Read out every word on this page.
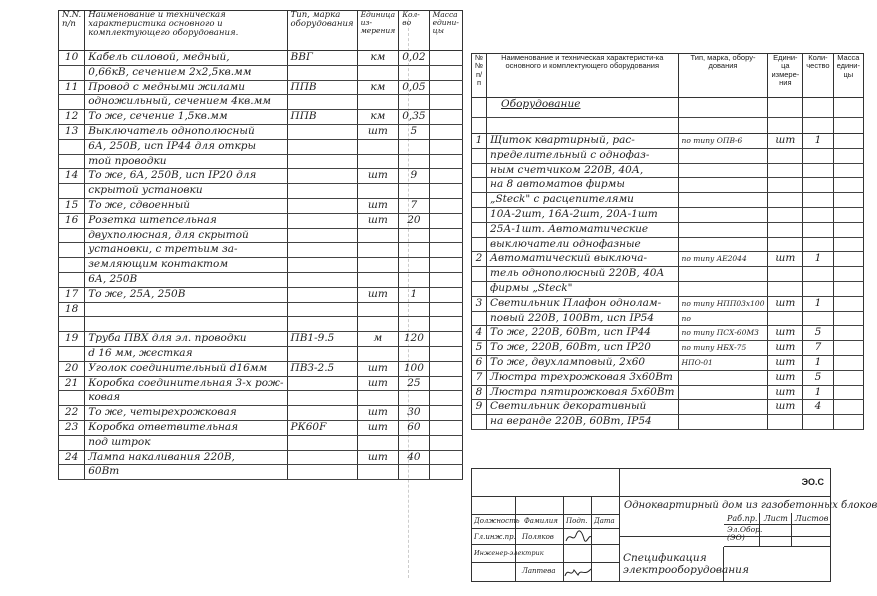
N.N. п/п	Наименование и техническая характеристика основного и комплектующего оборудования.	Тип, марка оборудования	Единица из-мерения	Кол-во	Масса едини-цы
10	Кабель силовой, медный,	ВВГ	км	0,02	
	0,66кВ, сечением 2х2,5кв.мм				
11	Провод с медными жилами	ППВ	км	0,05	
	одножильный, сечением 4кв.мм				
12	То же, сечение 1,5кв.мм	ППВ	км	0,35	
13	Выключатель однополюсный		шт	5	
	6А, 250В, исп IP44 для откры				
	той проводки				
14	То же, 6А, 250В, исп IP20 для		шт	9	
	скрытой установки				
15	То же, сдвоенный		шт	7	
16	Розетка штепсельная		шт	20	
	двухполюсная, для скрытой				
	установки, с третьим за-				
	земляющим контактом				
	6А, 250В				
17	То же, 25А, 250В		шт	1	
18					

19	Труба ПВХ для эл. проводки	ПВ1-9.5	м	120	
	d 16 мм, жесткая				
20	Уголок соединительный d16мм	ПВЗ-2.5	шт	100	
21	Коробка соединительная 3-х рож-		шт	25	
	ковая				
22	То же, четырехрожковая		шт	30	
23	Коробка ответвительная	РК60F	шт	60	
	под штрок				
24	Лампа накаливания 220В,		шт	40	
	60Вт				
№№ п/п	Наименование и техническая характеристи-ка основного и комплектующего оборудования	Тип, марка, обору-дования	Едини-ца измере-ния	Коли-чество	Масса едини-цы
	Оборудование				

1	Щиток квартирный, рас-	по типу ОПВ-6	шт	1	
	пределительный с однофаз-				
	ным счетчиком 220В, 40А,				
	на 8 автоматов фирмы				
	„Steck" с расцепителями				
	10А-2шт, 16А-2шт, 20А-1шт				
	25А-1шт. Автоматические				
	выключатели однофазные				
2	Автоматический выключа-	по типу AE2044	шт	1	
	тель однополюсный 220В, 40А				
	фирмы „Steck"				
3	Светильник Плафон однолам-	по типу НПП03x100	шт	1	
	повый 220В, 100Вт, исп IP54	по			
4	То же, 220В, 60Вт, исп IP44	по типу ПСХ-60МЗ	шт	5	
5	То же, 220В, 60Вт, исп IP20	по типу НБХ-75	шт	7	
6	То же, двухламповый, 2x60	НПО-01	шт	1	
7	Люстра трехрожковая 3x60Вт		шт	5	
8	Люстра пятирожковая 5x60Вт		шт	1	
9	Светильник декоративный		шт	4	
	на веранде 220В, 60Вт, IP54				
ЭО.С
Должность Фамилия	Подп. Дата
Одноквартирный дом из газобетонных блоков
Гл.инж.пр. Поляков
Раб.пр. Лист Листов
Эл.Обор. (ЭО)
Инженер-электрик
Лаптева
Спецификация
электрооборудования
